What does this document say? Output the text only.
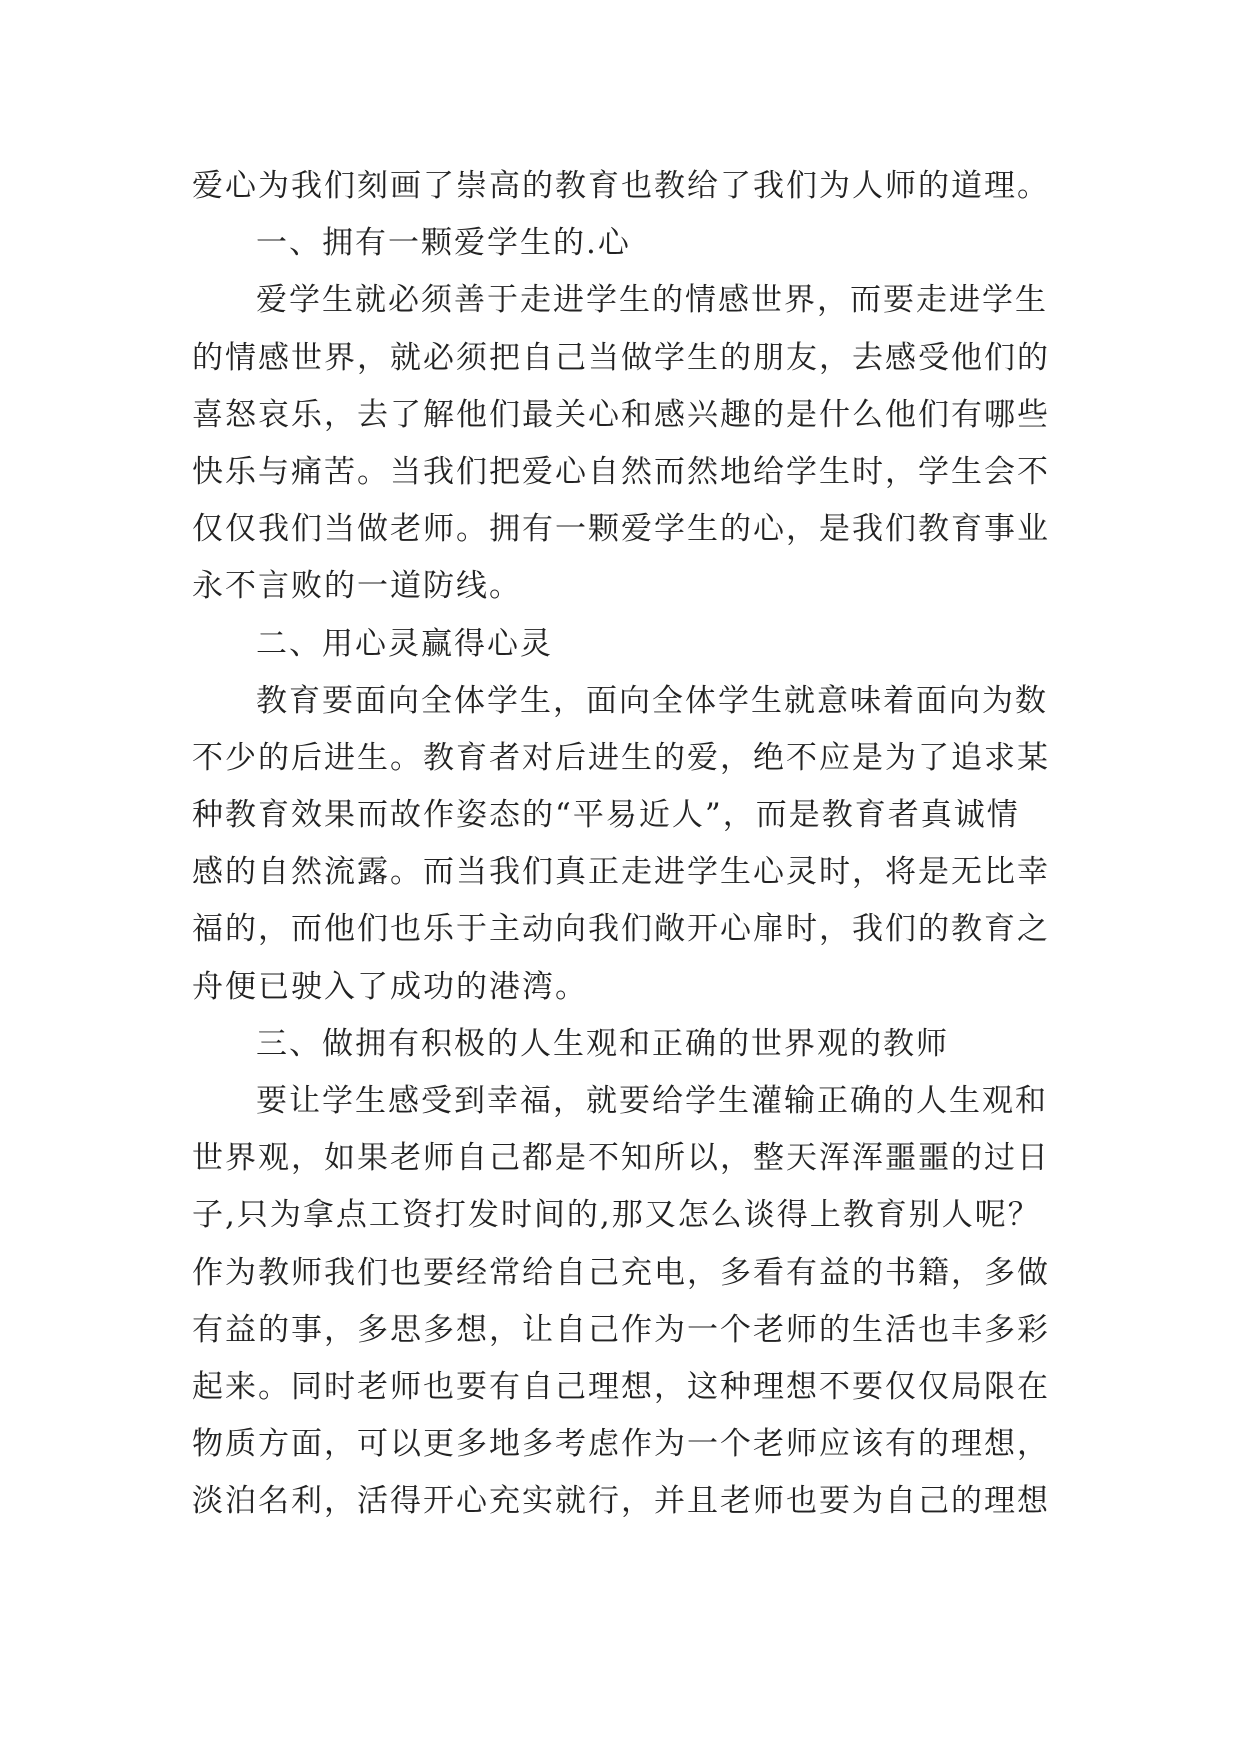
爱心为我们刻画了崇高的教育也教给了我们为人师的道理。
一、拥有一颗爱学生的.心
爱学生就必须善于走进学生的情感世界，而要走进学生
的情感世界，就必须把自己当做学生的朋友，去感受他们的
喜怒哀乐，去了解他们最关心和感兴趣的是什么他们有哪些
快乐与痛苦。当我们把爱心自然而然地给学生时，学生会不
仅仅我们当做老师。拥有一颗爱学生的心，是我们教育事业
永不言败的一道防线。
二、用心灵赢得心灵
教育要面向全体学生，面向全体学生就意味着面向为数
不少的后进生。教育者对后进生的爱，绝不应是为了追求某
种教育效果而故作姿态的“平易近人”，而是教育者真诚情
感的自然流露。而当我们真正走进学生心灵时，将是无比幸
福的，而他们也乐于主动向我们敞开心扉时，我们的教育之
舟便已驶入了成功的港湾。
三、做拥有积极的人生观和正确的世界观的教师
要让学生感受到幸福，就要给学生灌输正确的人生观和
世界观，如果老师自己都是不知所以，整天浑浑噩噩的过日
子,只为拿点工资打发时间的,那又怎么谈得上教育别人呢？
作为教师我们也要经常给自己充电，多看有益的书籍，多做
有益的事，多思多想，让自己作为一个老师的生活也丰多彩
起来。同时老师也要有自己理想，这种理想不要仅仅局限在
物质方面，可以更多地多考虑作为一个老师应该有的理想，
淡泊名利，活得开心充实就行，并且老师也要为自己的理想
